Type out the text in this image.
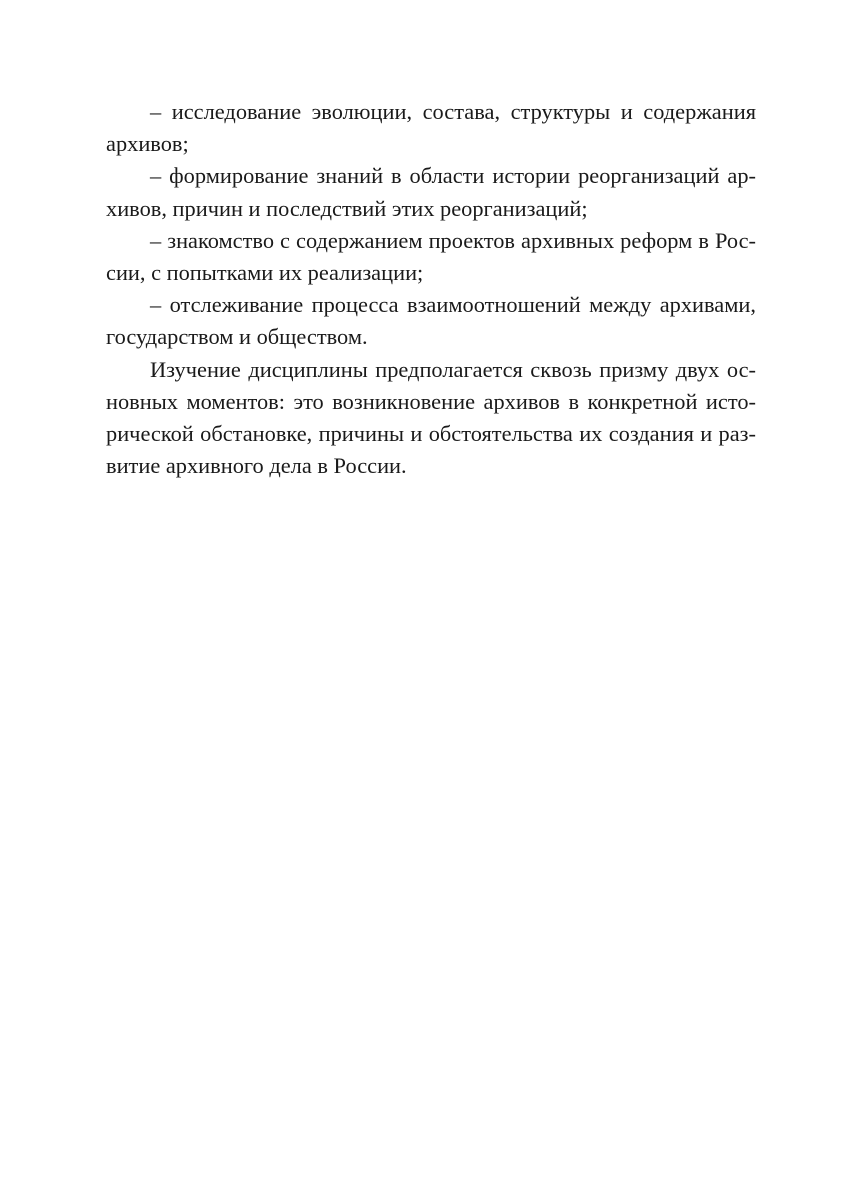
– исследование эволюции, состава, структуры и содержания
архивов;

– формирование знаний в области истории реорганизаций ар-
хивов, причин и последствий этих реорганизаций;

– знакомство с содержанием проектов архивных реформ в Рос-
сии, с попытками их реализации;

– отслеживание процесса взаимоотношений между архивами,
государством и обществом.

Изучение дисциплины предполагается сквозь призму двух ос-
новных моментов: это возникновение архивов в конкретной исто-
рической обстановке, причины и обстоятельства их создания и раз-
витие архивного дела в России.
